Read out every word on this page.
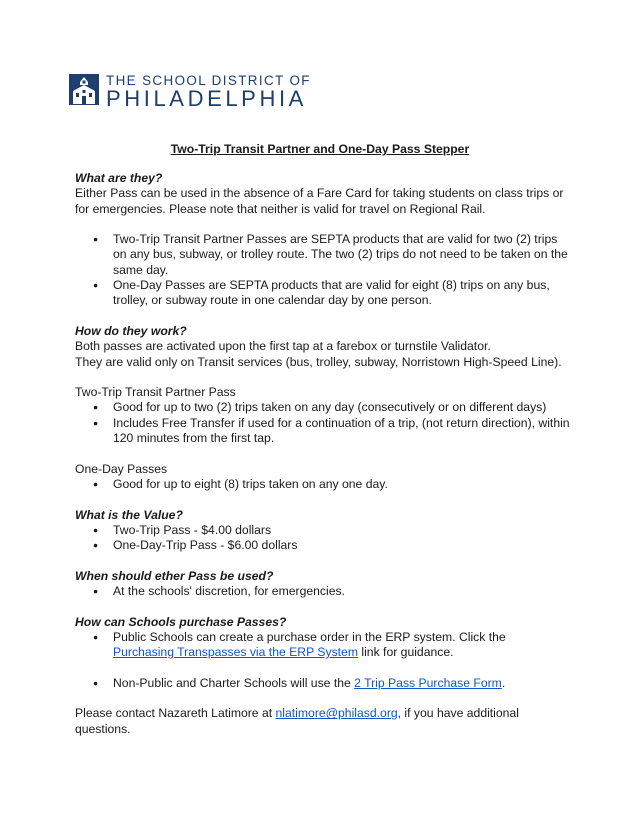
THE SCHOOL DISTRICT OF
PHILADELPHIA
Two-Trip Transit Partner and One-Day Pass Stepper

What are they?

Either Pass can be used in the absence of a Fare Card for taking students on class trips or for emergencies. Please note that neither is valid for travel on Regional Rail.

● Two-Trip Transit Partner Passes are SEPTA products that are valid for two (2) trips on any bus, subway, or trolley route. The two (2) trips do not need to be taken on the same day.
● One-Day Passes are SEPTA products that are valid for eight (8) trips on any bus, trolley, or subway route in one calendar day by one person.

How do they work?

Both passes are activated upon the first tap at a farebox or turnstile Validator.

They are valid only on Transit services (bus, trolley, subway, Norristown High-Speed Line).

Two-Trip Transit Partner Pass

● Good for up to two (2) trips taken on any day (consecutively or on different days)
● Includes Free Transfer if used for a continuation of a trip, (not return direction), within 120 minutes from the first tap.

One-Day Passes

● Good for up to eight (8) trips taken on any one day.

What is the Value?

● Two-Trip Pass - $4.00 dollars
● One-Day-Trip Pass - $6.00 dollars

When should ether Pass be used?

● At the schools' discretion, for emergencies.

How can Schools purchase Passes?

● Public Schools can create a purchase order in the ERP system. Click the Purchasing Transpasses via the ERP System link for guidance.
● Non-Public and Charter Schools will use the 2 Trip Pass Purchase Form.

Please contact Nazareth Latimore at nlatimore@philasd.org, if you have additional questions.
